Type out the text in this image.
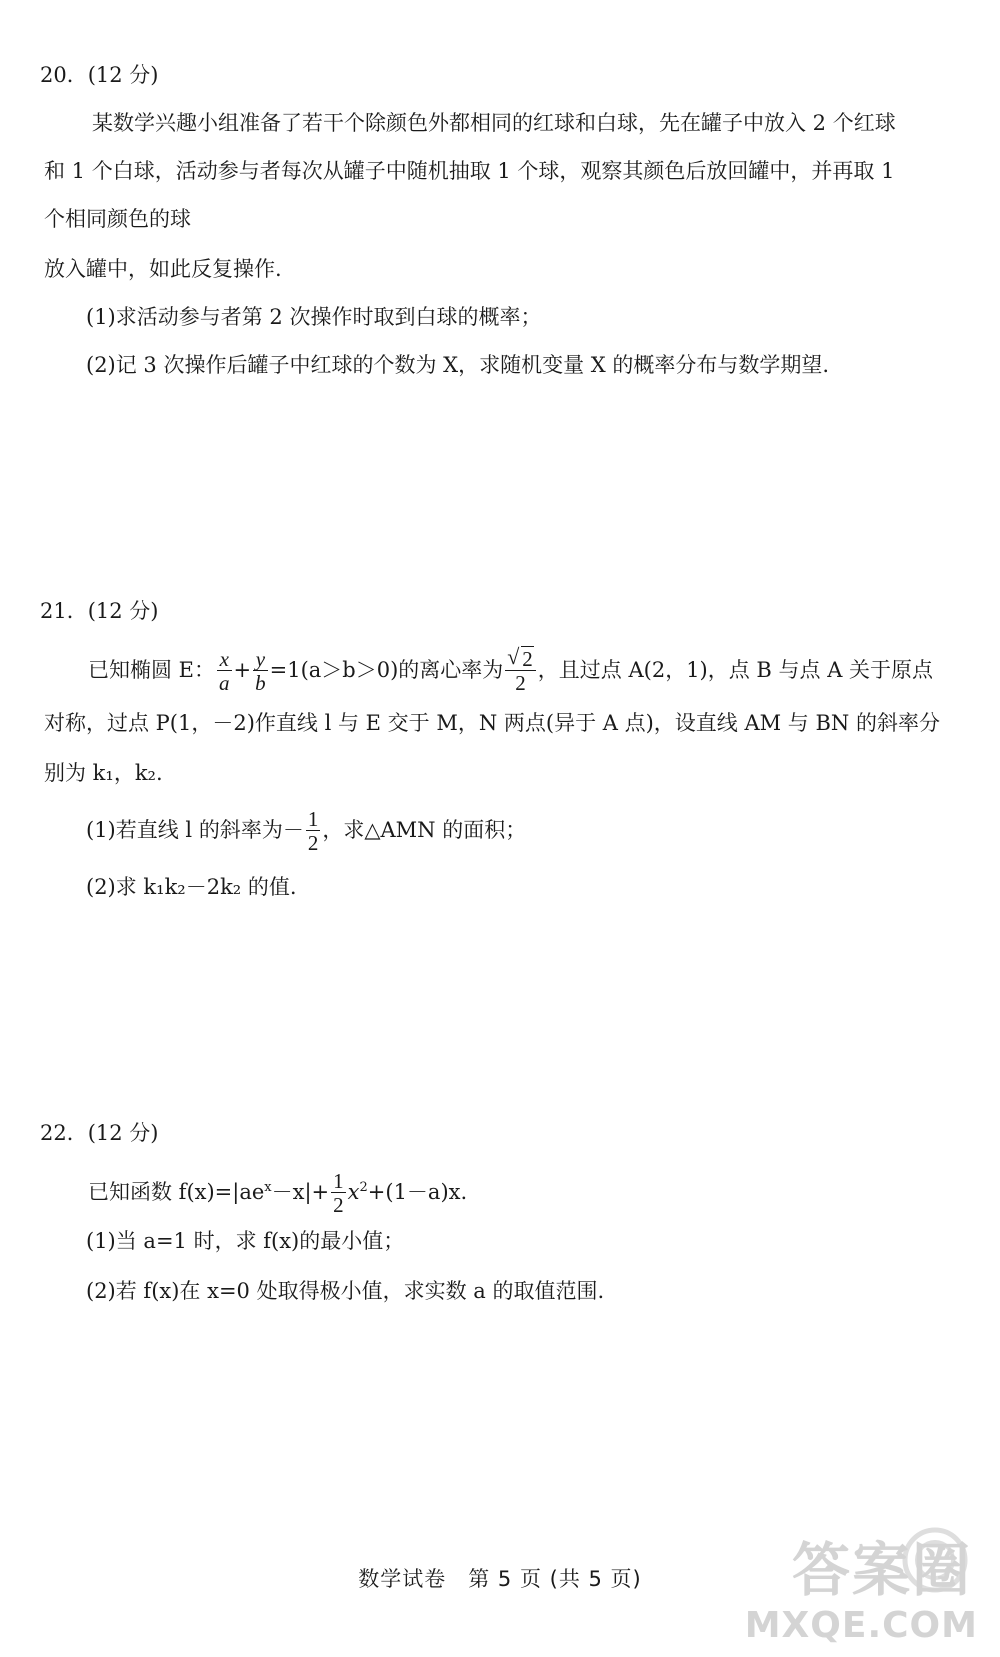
20．(12 分)
某数学兴趣小组准备了若干个除颜色外都相同的红球和白球，先在罐子中放入 2 个红球
和 1 个白球，活动参与者每次从罐子中随机抽取 1 个球，观察其颜色后放回罐中，并再取 1
个相同颜色的球
放入罐中，如此反复操作.
(1)求活动参与者第 2 次操作时取到白球的概率；
(2)记 3 次操作后罐子中红球的个数为 X，求随机变量 X 的概率分布与数学期望.
21．(12 分)
已知椭圆 E： $\frac{x}{a} + \frac{y}{b} =1(a>b>0)$的离心率为
√ $\frac{2}{2}$ ，且过点 A(2，1)，点 B 与点 A 关于原点
对称，过点 P(1，－2)作直线 l 与 E 交于 M，N 两点(异于 A 点)，设直线 AM 与 BN 的斜率分
别为 k₁，k₂.
(1)若直线 l 的斜率为－ $\frac{1}{2}$ ，求△AMN 的面积；
(2)求 k₁k₂－2k₂ 的值.
22．(12 分)
已知函数 $f(x)=|ae^x-x|+ \frac{1}{2} x^2+(1-a)x$.
(1)当 a=1 时，求 f(x)的最小值；
(2)若 f(x)在 x=0 处取得极小值，求实数 a 的取值范围.
数学试卷　第 5 页 (共 5 页)	答案圈
MXQE.COM
